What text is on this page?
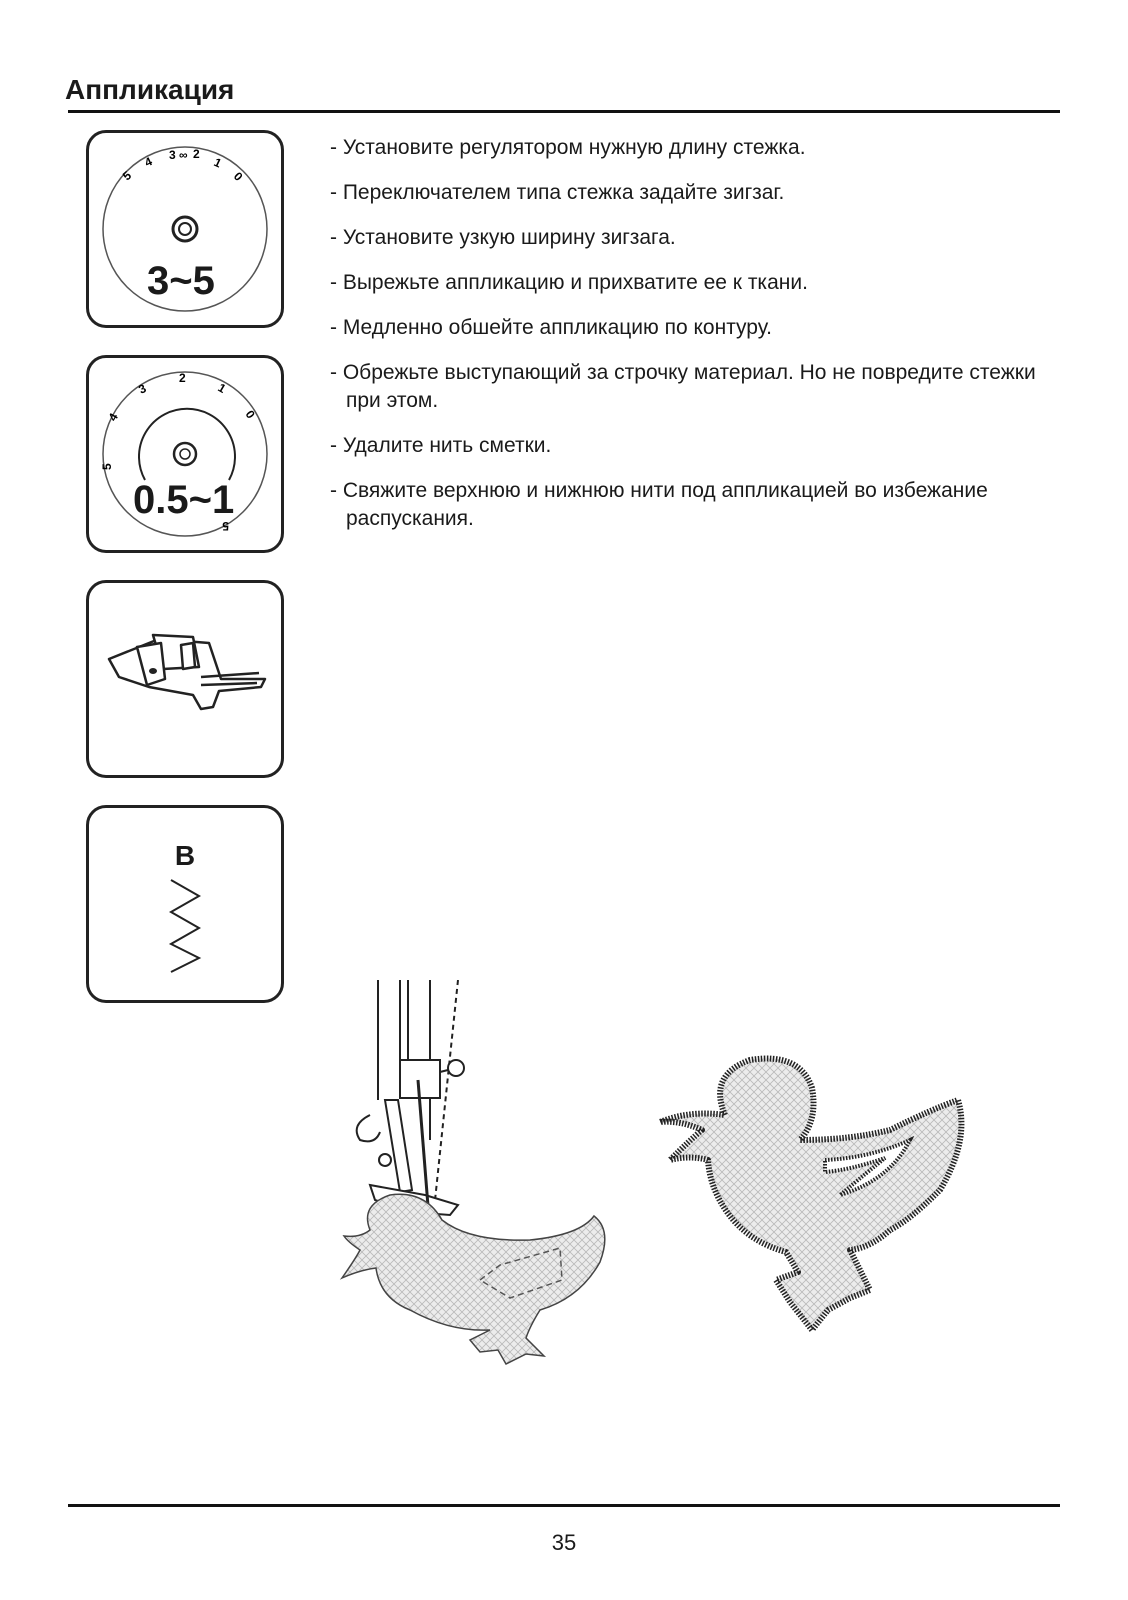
Аппликация
5
4 3 ∞ 2
1
0
3~5
2
3
4
5
1
0
5
0.5~1
B
- Установите регулятором нужную длину стежка.
- Переключателем типа стежка задайте зигзаг.
- Установите узкую ширину зигзага.
- Вырежьте аппликацию и прихватите ее к ткани.
- Медленно обшейте аппликацию по контуру.
- Обрежьте выступающий за строчку материал. Но не повредите стежки при этом.
- Удалите нить сметки.
- Свяжите верхнюю и нижнюю нити под аппликацией во избежание распускания.
35
